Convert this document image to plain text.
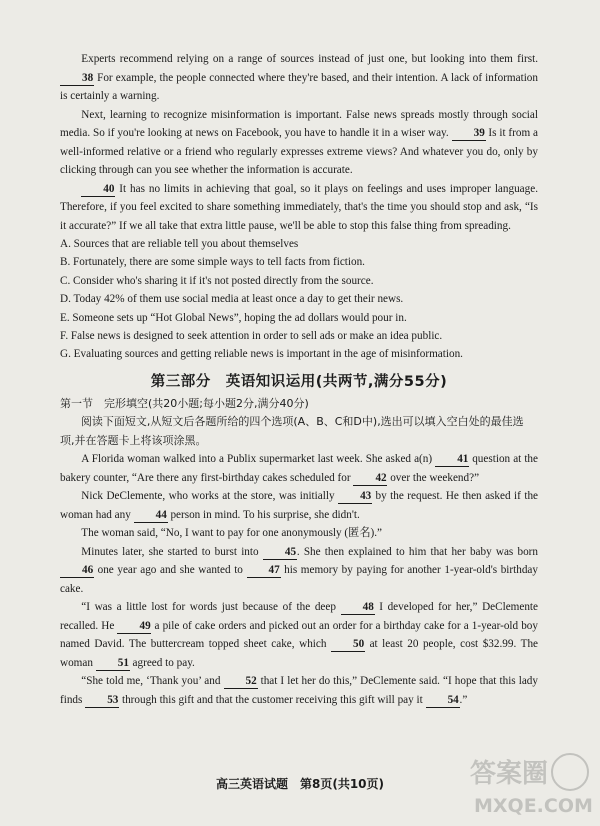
Experts recommend relying on a range of sources instead of just one, but looking into them first. 38 For example, the people connected where they're based, and their intention. A lack of information is certainly a warning.

Next, learning to recognize misinformation is important. False news spreads mostly through social media. So if you're looking at news on Facebook, you have to handle it in a wiser way. 39 Is it from a well-informed relative or a friend who regularly expresses extreme views? And whatever you do, only by clicking through can you see whether the information is accurate.

40 It has no limits in achieving that goal, so it plays on feelings and uses improper language. Therefore, if you feel excited to share something immediately, that's the time you should stop and ask, “Is it accurate?” If we all take that extra little pause, we'll be able to stop this false thing from spreading.

A. Sources that are reliable tell you about themselves

B. Fortunately, there are some simple ways to tell facts from fiction.

C. Consider who's sharing it if it's not posted directly from the source.

D. Today 42% of them use social media at least once a day to get their news.

E. Someone sets up “Hot Global News”, hoping the ad dollars would pour in.

F. False news is designed to seek attention in order to sell ads or make an idea public.

G. Evaluating sources and getting reliable news is important in the age of misinformation.

第三部分　英语知识运用(共两节,满分55分)

第一节　完形填空(共20小题;每小题2分,满分40分)

阅读下面短文,从短文后各题所给的四个选项(A、B、C和D中),选出可以填入空白处的最佳选项,并在答题卡上将该项涂黑。

A Florida woman walked into a Publix supermarket last week. She asked a(n) 41 question at the bakery counter, “Are there any first-birthday cakes scheduled for 42 over the weekend?”

Nick DeClemente, who works at the store, was initially 43 by the request. He then asked if the woman had any 44 person in mind. To his surprise, she didn't.

The woman said, “No, I want to pay for one anonymously (匿名).”

Minutes later, she started to burst into 45. She then explained to him that her baby was born 46 one year ago and she wanted to 47 his memory by paying for another 1-year-old's birthday cake.

“I was a little lost for words just because of the deep 48 I developed for her,” DeClemente recalled. He 49 a pile of cake orders and picked out an order for a birthday cake for a 1-year-old boy named David. The buttercream topped sheet cake, which 50 at least 20 people, cost $32.99. The woman 51 agreed to pay.

“She told me, ‘Thank you’ and 52 that I let her do this,” DeClemente said. “I hope that this lady finds 53 through this gift and that the customer receiving this gift will pay it 54.”

高三英语试题　第8页(共10页)	答案圈
MXQE.COM
